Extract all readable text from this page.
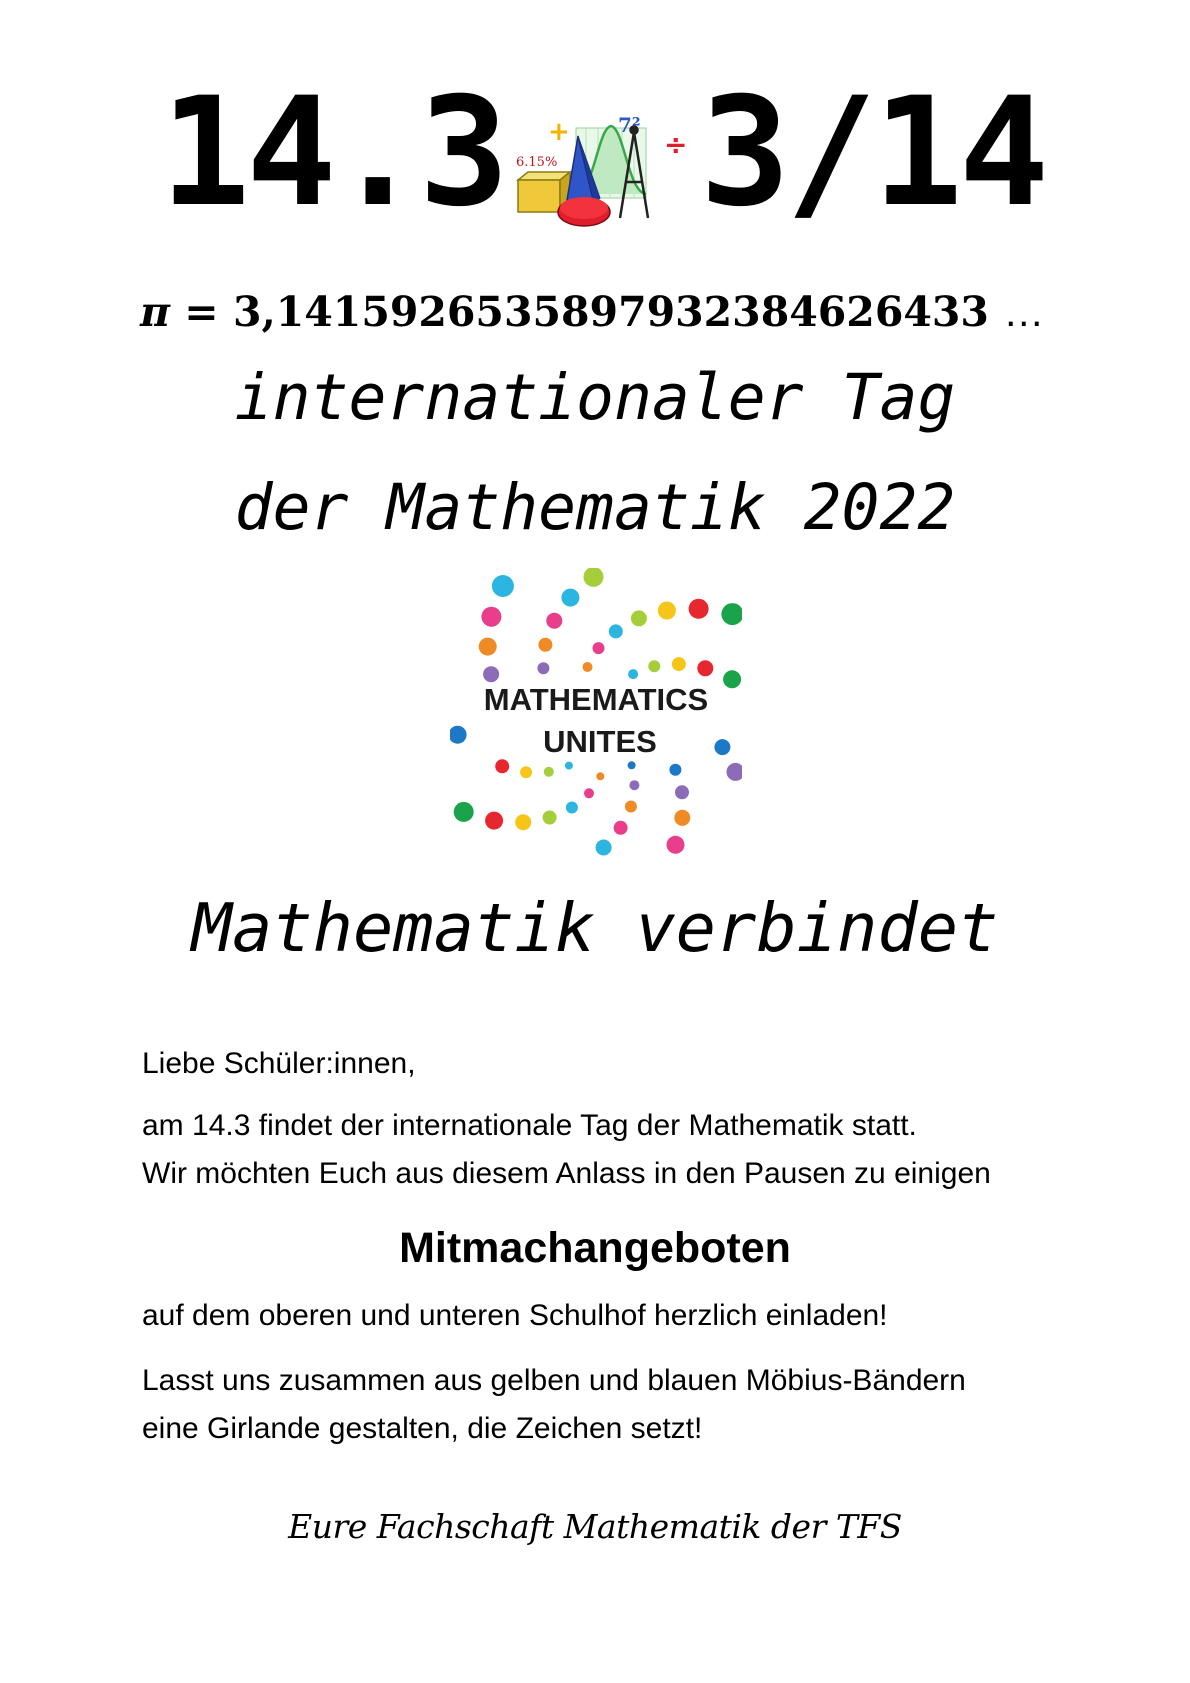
14.3 6.15%
+ 7²
÷ 3/14
π = 3,1415926535897932384626433 …
internationaler Tag
der Mathematik 2022
MATHEMATICS
UNITES
Mathematik verbindet
Liebe Schüler:innen,
am 14.3 findet der internationale Tag der Mathematik statt.
Wir möchten Euch aus diesem Anlass in den Pausen zu einigen
Mitmachangeboten
auf dem oberen und unteren Schulhof herzlich einladen!
Lasst uns zusammen aus gelben und blauen Möbius-Bändern
eine Girlande gestalten, die Zeichen setzt!
Eure Fachschaft Mathematik der TFS
